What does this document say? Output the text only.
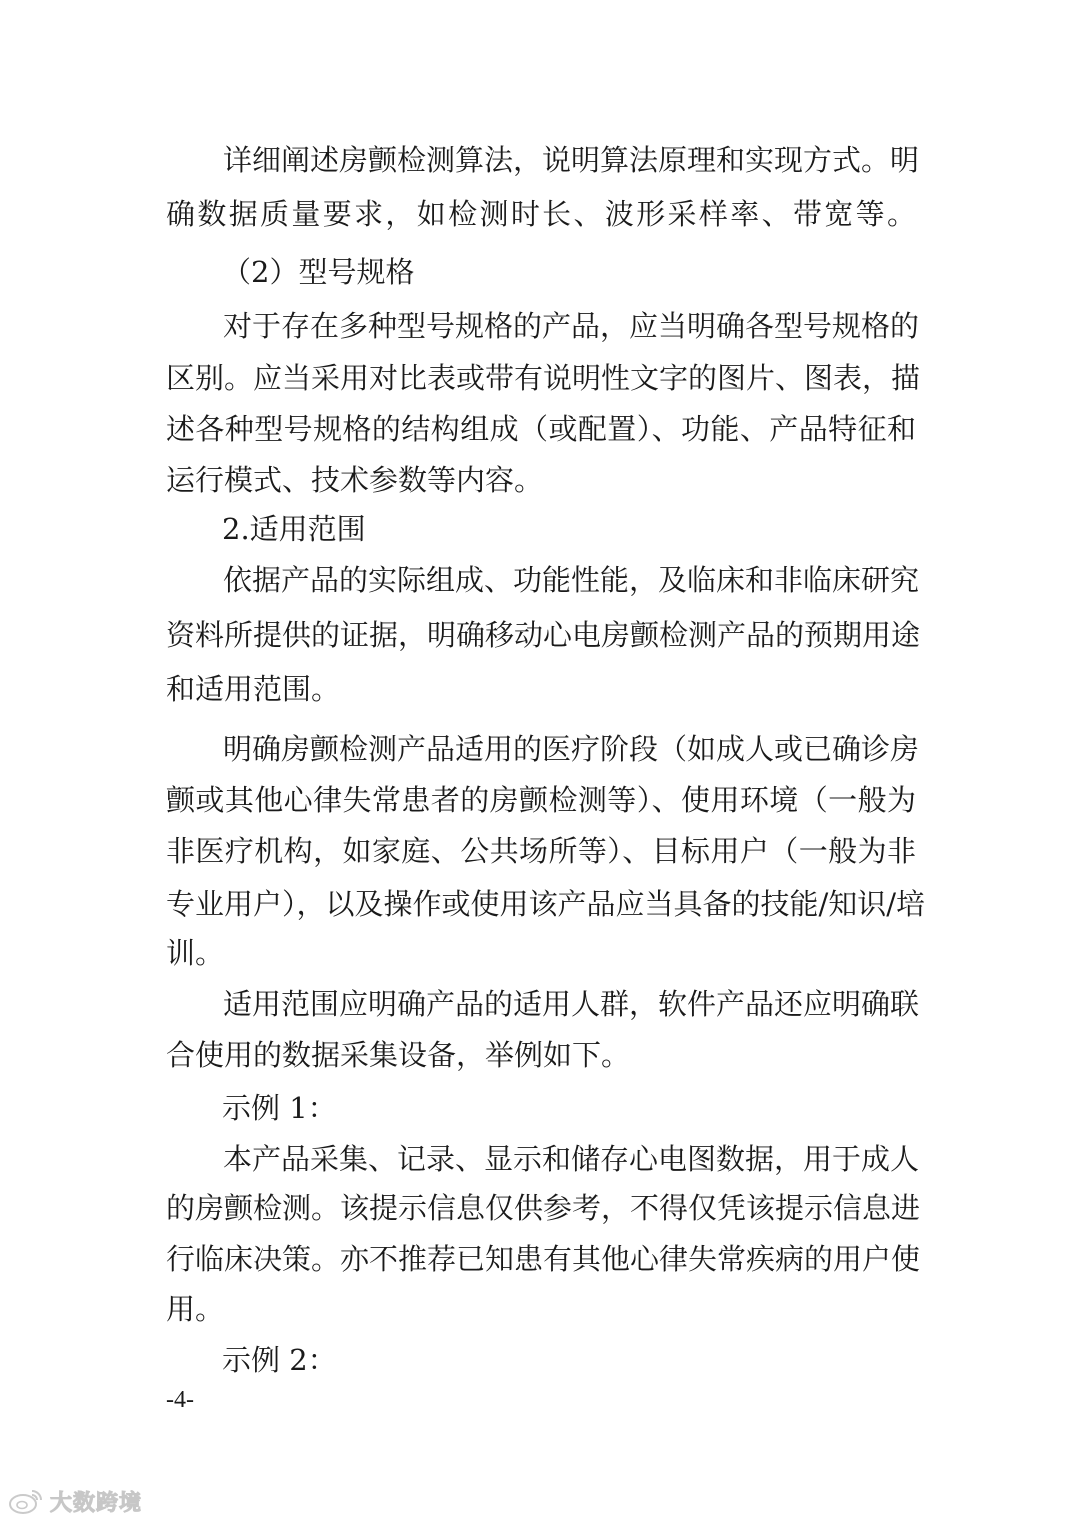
详细阐述房颤检测算法，说明算法原理和实现方式。明
确数据质量要求，如检测时长、波形采样率、带宽等。
（2）型号规格
对于存在多种型号规格的产品，应当明确各型号规格的
区别。应当采用对比表或带有说明性文字的图片、图表，描
述各种型号规格的结构组成（或配置）、功能、产品特征和
运行模式、技术参数等内容。
2.适用范围
依据产品的实际组成、功能性能，及临床和非临床研究
资料所提供的证据，明确移动心电房颤检测产品的预期用途
和适用范围。
明确房颤检测产品适用的医疗阶段（如成人或已确诊房
颤或其他心律失常患者的房颤检测等）、使用环境（一般为
非医疗机构，如家庭、公共场所等）、目标用户（一般为非
专业用户），以及操作或使用该产品应当具备的技能/知识/培
训。
适用范围应明确产品的适用人群，软件产品还应明确联
合使用的数据采集设备，举例如下。
示例 1：
本产品采集、记录、显示和储存心电图数据，用于成人
的房颤检测。该提示信息仅供参考，不得仅凭该提示信息进
行临床决策。亦不推荐已知患有其他心律失常疾病的用户使
用。
示例 2：
-4-
大数跨境
